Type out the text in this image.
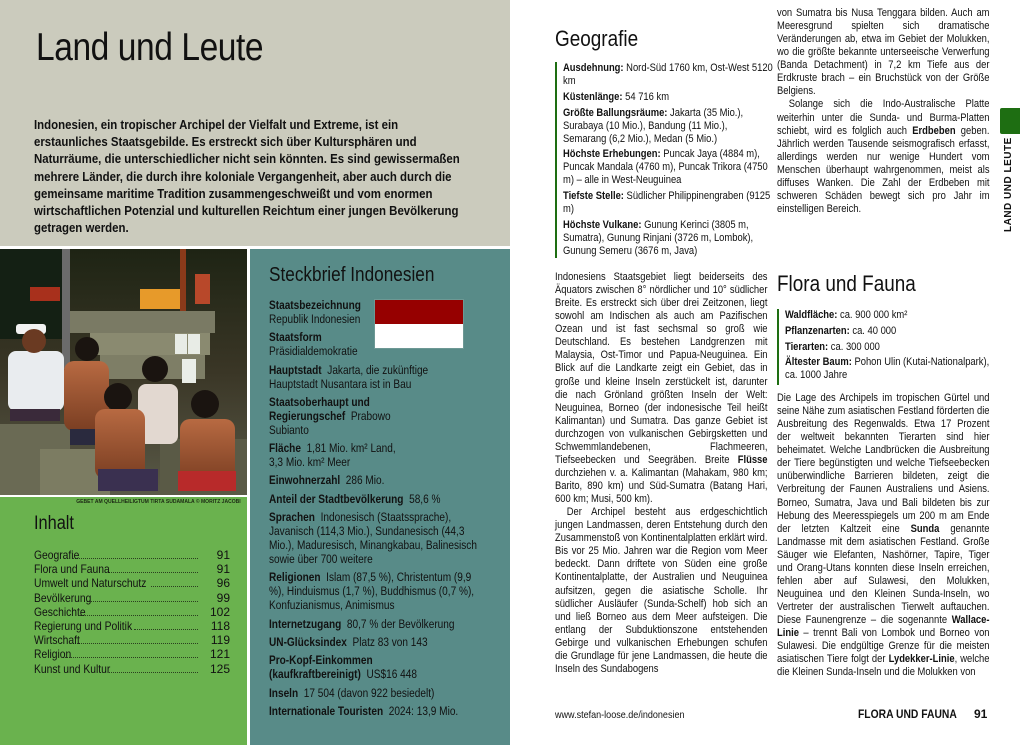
Land und Leute

Indonesien, ein tropischer Archipel der Vielfalt und Extreme, ist ein erstaunliches Staatsgebilde. Es erstreckt sich über Kultursphären und Naturräume, die unterschiedlicher nicht sein könnten. Es sind gewissermaßen mehrere Länder, die durch ihre koloniale Vergangenheit, aber auch durch die gemeinsame maritime Tradition zusammengeschweißt und vom enormen wirtschaftlichen Potenzial und kulturellen Reichtum einer jungen Bevölkerung getragen werden.

GEBET AM QUELLHEILIGTUM TIRTA SUDAMALA © MORITZ JACOBI
Inhalt
Geografie	91
Flora und Fauna	91
Umwelt und Naturschutz	96
Bevölkerung	99
Geschichte	102
Regierung und Politik	118
Wirtschaft	119
Religion	121
Kunst und Kultur	125
Steckbrief Indonesien
Staatsbezeichnung
Republik Indonesien
Staatsform  Präsidialdemokratie
Hauptstadt Jakarta, die zukünftige Hauptstadt Nusantara ist in Bau
Staatsoberhaupt und Regierungschef Prabowo Subianto
Fläche 1,81 Mio. km² Land, 3,3 Mio. km² Meer
Einwohnerzahl 286 Mio.
Anteil der Stadtbevölkerung 58,6 %
Sprachen Indonesisch (Staatssprache), Javanisch (114,3 Mio.), Sundanesisch (44,3 Mio.), Maduresisch, Minangkabau, Balinesisch sowie über 700 weitere
Religionen Islam (87,5 %), Christentum (9,9 %), Hinduismus (1,7 %), Buddhismus (0,7 %), Konfuzianismus, Animismus
Internetzugang 80,7 % der Bevölkerung
UN-Glücksindex Platz 83 von 143
Pro-Kopf-Einkommen (kaufkraftbereinigt) US$16 448
Inseln 17 504 (davon 922 besiedelt)
Internationale Touristen 2024: 13,9 Mio.
Geografie

Ausdehnung: Nord-Süd 1760 km, Ost-West 5120 km

Küstenlänge: 54 716 km

Größte Ballungsräume: Jakarta (35 Mio.), Surabaya (10 Mio.), Bandung (11 Mio.), Semarang (6,2 Mio.), Medan (5 Mio.)

Höchste Erhebungen: Puncak Jaya (4884 m), Puncak Mandala (4760 m), Puncak Trikora (4750 m) – alle in West-Neuguinea

Tiefste Stelle: Südlicher Philippinengraben (9125 m)

Höchste Vulkane: Gunung Kerinci (3805 m, Sumatra), Gunung Rinjani (3726 m, Lombok), Gunung Semeru (3676 m, Java)

Indonesiens Staatsgebiet liegt beiderseits des Äquators zwischen 8° nördlicher und 10° südlicher Breite. Es erstreckt sich über drei Zeitzonen, liegt sowohl am Indischen als auch am Pazifischen Ozean und ist fast sechsmal so groß wie Deutschland. Es bestehen Landgrenzen mit Malaysia, Ost-Timor und Papua-Neuguinea. Ein Blick auf die Landkarte zeigt ein Gebiet, das in große und kleine Inseln zerstückelt ist, darunter die nach Grönland größten Inseln der Welt: Neuguinea, Borneo (der indonesische Teil heißt Kalimantan) und Sumatra. Das ganze Gebiet ist durchzogen von vulkanischen Gebirgsketten und Schwemmlandebenen, Flachmeeren, Tiefseebecken und Seegräben. Breite Flüsse durchziehen v. a. Kalimantan (Mahakam, 980 km; Barito, 890 km) und Süd-Sumatra (Batang Hari, 600 km; Musi, 500 km).

Der Archipel besteht aus erdgeschichtlich jungen Landmassen, deren Entstehung durch den Zusammenstoß von Kontinentalplatten erklärt wird. Bis vor 25 Mio. Jahren war die Region vom Meer bedeckt. Dann driftete von Süden eine große Kontinentalplatte, der Australien und Neuguinea aufsitzen, gegen die asiatische Scholle. Ihr südlicher Ausläufer (Sunda-Schelf) hob sich an und ließ Borneo aus dem Meer aufsteigen. Die entlang der Subduktionszone entstehenden Gebirge und vulkanischen Erhebungen schufen die Grundlage für jene Landmassen, die heute die Inseln des Sundabogens

von Sumatra bis Nusa Tenggara bilden. Auch am Meeresgrund spielten sich dramatische Veränderungen ab, etwa im Gebiet der Molukken, wo die größte bekannte unterseeische Verwerfung (Banda Detachment) in 7,2 km Tiefe aus der Erdkruste brach – ein Bruchstück von der Größe Belgiens.

Solange sich die Indo-Australische Platte weiterhin unter die Sunda- und Burma-Platten schiebt, wird es folglich auch Erdbeben geben. Jährlich werden Tausende seismografisch erfasst, allerdings werden nur wenige Hundert vom Menschen überhaupt wahrgenommen, meist als diffuses Wanken. Die Zahl der Erdbeben mit schweren Schäden bewegt sich pro Jahr im einstelligen Bereich.

Flora und Fauna

Waldfläche: ca. 900 000 km²

Pflanzenarten: ca. 40 000

Tierarten: ca. 300 000

Ältester Baum: Pohon Ulin (Kutai-Nationalpark), ca. 1000 Jahre

Die Lage des Archipels im tropischen Gürtel und seine Nähe zum asiatischen Festland förderten die Ausbreitung des Regenwalds. Etwa 17 Prozent der weltweit bekannten Tierarten sind hier beheimatet. Welche Landbrücken die Ausbreitung der Tiere begünstigten und welche Tiefseebecken unüberwindliche Barrieren bildeten, zeigt die Verbreitung der Faunen Australiens und Asiens. Borneo, Sumatra, Java und Bali bildeten bis zur Hebung des Meeresspiegels um 200 m am Ende der letzten Kaltzeit eine Sunda genannte Landmasse mit dem asiatischen Festland. Große Säuger wie Elefanten, Nashörner, Tapire, Tiger und Orang-Utans konnten diese Inseln erreichen, fehlen aber auf Sulawesi, den Molukken, Neuguinea und den Kleinen Sunda-Inseln, wo Vertreter der australischen Tierwelt auftauchen. Diese Faunengrenze – die sogenannte Wallace-Linie – trennt Bali von Lombok und Borneo von Sulawesi. Die endgültige Grenze für die meisten asiatischen Tiere folgt der Lydekker-Linie, welche die Kleinen Sunda-Inseln und die Molukken von

LAND UND LEUTE
www.stefan-loose.de/indonesien	FLORA UND FAUNA 91
